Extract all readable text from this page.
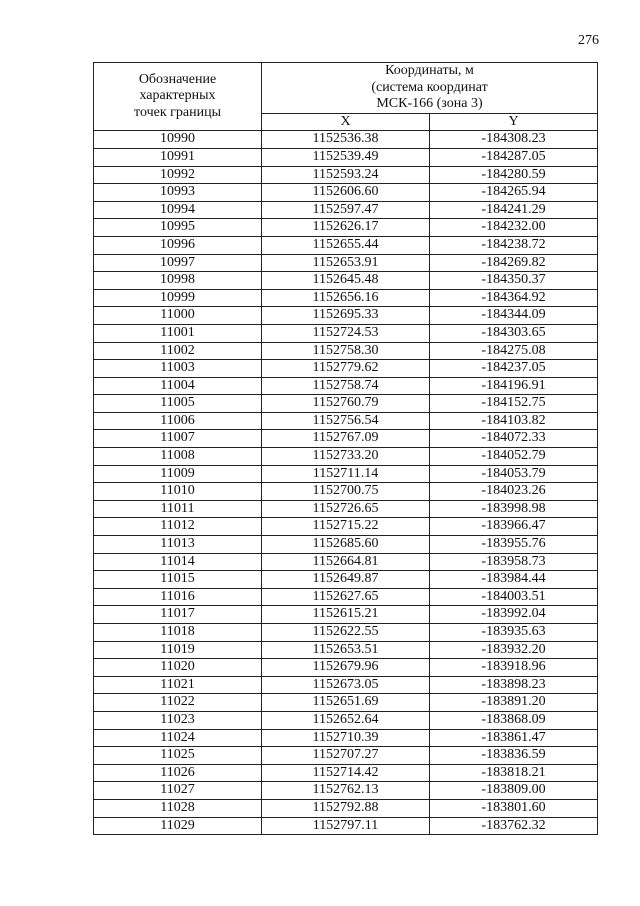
276
Обозначение
характерных
точек границы	Координаты, м
(система координат
МСК-166 (зона 3)	

	X	Y
10990	1152536.38	-184308.23
10991	1152539.49	-184287.05
10992	1152593.24	-184280.59
10993	1152606.60	-184265.94
10994	1152597.47	-184241.29
10995	1152626.17	-184232.00
10996	1152655.44	-184238.72
10997	1152653.91	-184269.82
10998	1152645.48	-184350.37
10999	1152656.16	-184364.92
11000	1152695.33	-184344.09
11001	1152724.53	-184303.65
11002	1152758.30	-184275.08
11003	1152779.62	-184237.05
11004	1152758.74	-184196.91
11005	1152760.79	-184152.75
11006	1152756.54	-184103.82
11007	1152767.09	-184072.33
11008	1152733.20	-184052.79
11009	1152711.14	-184053.79
11010	1152700.75	-184023.26
11011	1152726.65	-183998.98
11012	1152715.22	-183966.47
11013	1152685.60	-183955.76
11014	1152664.81	-183958.73
11015	1152649.87	-183984.44
11016	1152627.65	-184003.51
11017	1152615.21	-183992.04
11018	1152622.55	-183935.63
11019	1152653.51	-183932.20
11020	1152679.96	-183918.96
11021	1152673.05	-183898.23
11022	1152651.69	-183891.20
11023	1152652.64	-183868.09
11024	1152710.39	-183861.47
11025	1152707.27	-183836.59
11026	1152714.42	-183818.21
11027	1152762.13	-183809.00
11028	1152792.88	-183801.60
11029	1152797.11	-183762.32
